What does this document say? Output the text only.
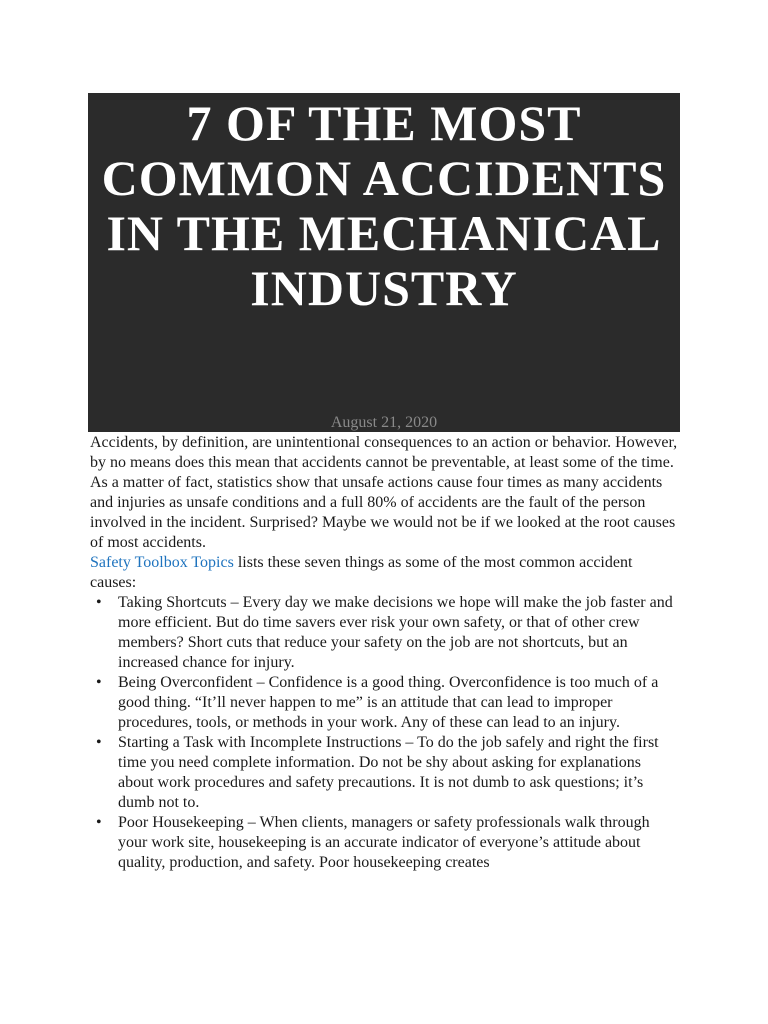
7 OF THE MOST COMMON ACCIDENTS IN THE MECHANICAL INDUSTRY
August 21, 2020

Accidents, by definition, are unintentional consequences to an action or behavior. However, by no means does this mean that accidents cannot be preventable, at least some of the time.

As a matter of fact, statistics show that unsafe actions cause four times as many accidents and injuries as unsafe conditions and a full 80% of accidents are the fault of the person involved in the incident. Surprised? Maybe we would not be if we looked at the root causes of most accidents.

Safety Toolbox Topics lists these seven things as some of the most common accident causes:

• Taking Shortcuts – Every day we make decisions we hope will make the job faster and more efficient. But do time savers ever risk your own safety, or that of other crew members? Short cuts that reduce your safety on the job are not shortcuts, but an increased chance for injury.
• Being Overconfident – Confidence is a good thing. Overconfidence is too much of a good thing. “It’ll never happen to me” is an attitude that can lead to improper procedures, tools, or methods in your work. Any of these can lead to an injury.
• Starting a Task with Incomplete Instructions – To do the job safely and right the first time you need complete information. Do not be shy about asking for explanations about work procedures and safety precautions. It is not dumb to ask questions; it’s dumb not to.
• Poor Housekeeping – When clients, managers or safety professionals walk through your work site, housekeeping is an accurate indicator of everyone’s attitude about quality, production, and safety. Poor housekeeping creates
